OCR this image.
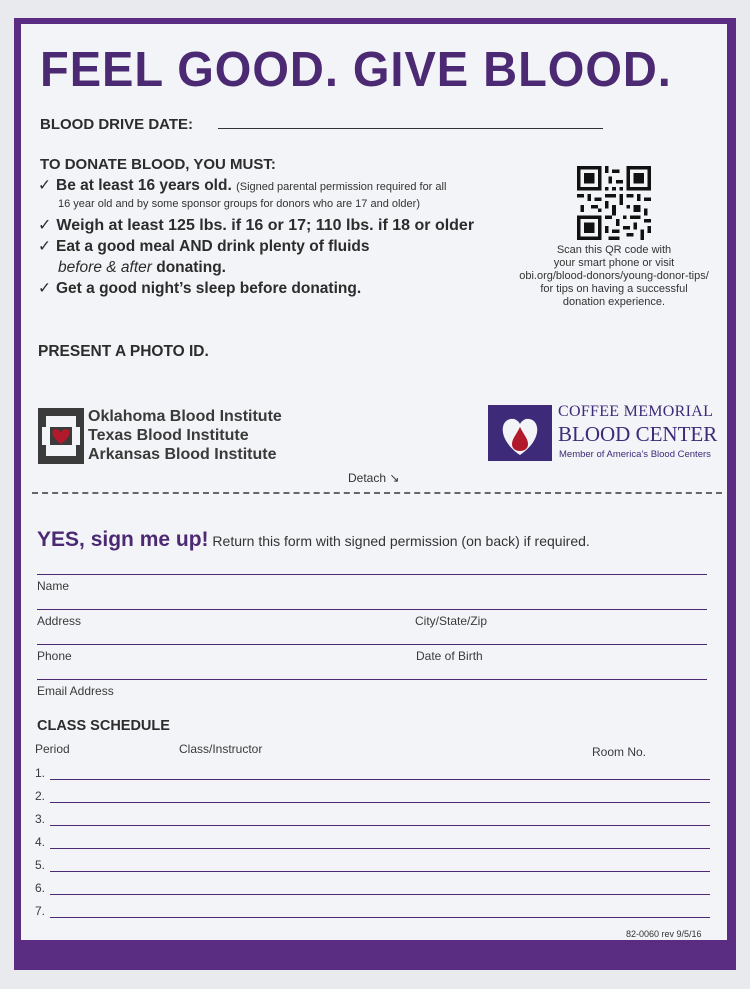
FEEL GOOD. GIVE BLOOD.
BLOOD DRIVE DATE:
TO DONATE BLOOD, YOU MUST:
✓ Be at least 16 years old. (Signed parental permission required for all
16 year old and by some sponsor groups for donors who are 17 and older)
✓ Weigh at least 125 lbs. if 16 or 17; 110 lbs. if 18 or older
✓ Eat a good meal AND drink plenty of fluids
before & after donating.
✓ Get a good night’s sleep before donating.
Scan this QR code with
your smart phone or visit
obi.org/blood-donors/young-donor-tips/
for tips on having a successful
donation experience.
PRESENT A PHOTO ID.
Oklahoma Blood Institute
Texas Blood Institute
Arkansas Blood Institute
COFFEE MEMORIAL
BLOOD CENTER
Member of America’s Blood Centers
Detach ↘
YES, sign me up! Return this form with signed permission (on back) if required.
Name
Address	City/State/Zip
Phone	Date of Birth
Email Address
CLASS SCHEDULE
Period	Class/Instructor	Room No.
1.
2.
3.
4.
5.
6.
7.
82-0060 rev 9/5/16
